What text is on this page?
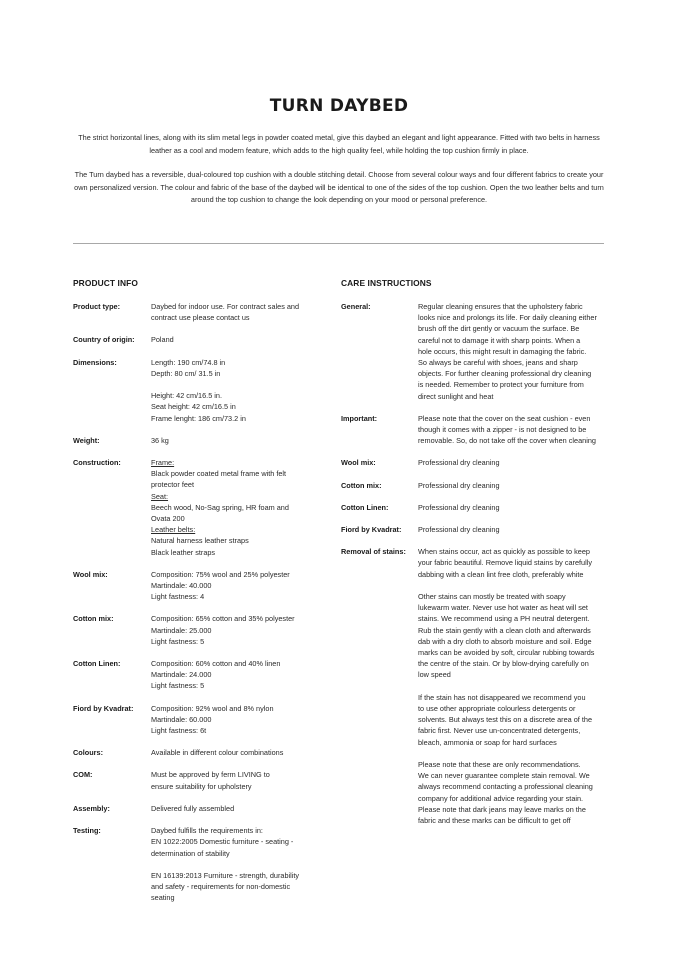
TURN DAYBED

The strict horizontal lines, along with its slim metal legs in powder coated metal, give this daybed an elegant and light appearance. Fitted with two belts in harness leather as a cool and modern feature, which adds to the high quality feel, while holding the top cushion firmly in place.

The Turn daybed has a reversible, dual-coloured top cushion with a double stitching detail. Choose from several colour ways and four different fabrics to create your own personalized version. The colour and fabric of the base of the daybed will be identical to one of the sides of the top cushion. Open the two leather belts and turn around the top cushion to change the look depending on your mood or personal preference.

PRODUCT INFO
Product type:	Daybed for indoor use. For contract sales and
contract use please contact us
Country of origin:	Poland
Dimensions:	Length: 190 cm/74.8 in
Depth: 80 cm/ 31.5 in
Height: 42 cm/16.5 in.
Seat height: 42 cm/16.5 in
Frame lenght: 186 cm/73.2 in
Weight:	36 kg
Construction:	Frame:
Black powder coated metal frame with felt
protector feet
Seat:
Beech wood, No-Sag spring, HR foam and
Ovata 200
Leather belts:
Natural harness leather straps
Black leather straps
Wool mix:	Composition: 75% wool and 25% polyester
Martindale: 40.000
Light fastness: 4
Cotton mix:	Composition: 65% cotton and 35% polyester
Martindale: 25.000
Light fastness: 5
Cotton Linen:	Composition: 60% cotton and 40% linen
Martindale: 24.000
Light fastness: 5
Fiord by Kvadrat:	Composition: 92% wool and 8% nylon
Martindale: 60.000
Light fastness: 6t
Colours:	Available in different colour combinations
COM:	Must be approved by ferm LIVING to
ensure suitability for upholstery
Assembly:	Delivered fully assembled
Testing:	Daybed fulfills the requirements in:
EN 1022:2005 Domestic furniture - seating -
determination of stability
EN 16139:2013 Furniture - strength, durability
and safety - requirements for non-domestic
seating
CARE INSTRUCTIONS
General:	Regular cleaning ensures that the upholstery fabric
looks nice and prolongs its life. For daily cleaning either
brush off the dirt gently or vacuum the surface. Be
careful not to damage it with sharp points. When a
hole occurs, this might result in damaging the fabric.
So always be careful with shoes, jeans and sharp
objects. For further cleaning professional dry cleaning
is needed. Remember to protect your furniture from
direct sunlight and heat
Important:	Please note that the cover on the seat cushion - even
though it comes with a zipper - is not designed to be
removable. So, do not take off the cover when cleaning
Wool mix:	Professional dry cleaning
Cotton mix:	Professional dry cleaning
Cotton Linen:	Professional dry cleaning
Fiord by Kvadrat:	Professional dry cleaning
Removal of stains:	When stains occur, act as quickly as possible to keep
your fabric beautiful. Remove liquid stains by carefully
dabbing with a clean lint free cloth, preferably white
Other stains can mostly be treated with soapy
lukewarm water. Never use hot water as heat will set
stains. We recommend using a PH neutral detergent.
Rub the stain gently with a clean cloth and afterwards
dab with a dry cloth to absorb moisture and soil. Edge
marks can be avoided by soft, circular rubbing towards
the centre of the stain. Or by blow-drying carefully on
low speed
If the stain has not disappeared we recommend you
to use other appropriate colourless detergents or
solvents. But always test this on a discrete area of the
fabric first. Never use un-concentrated detergents,
bleach, ammonia or soap for hard surfaces
Please note that these are only recommendations.
We can never guarantee complete stain removal. We
always recommend contacting a professional cleaning
company for additional advice regarding your stain.
Please note that dark jeans may leave marks on the
fabric and these marks can be difficult to get off
